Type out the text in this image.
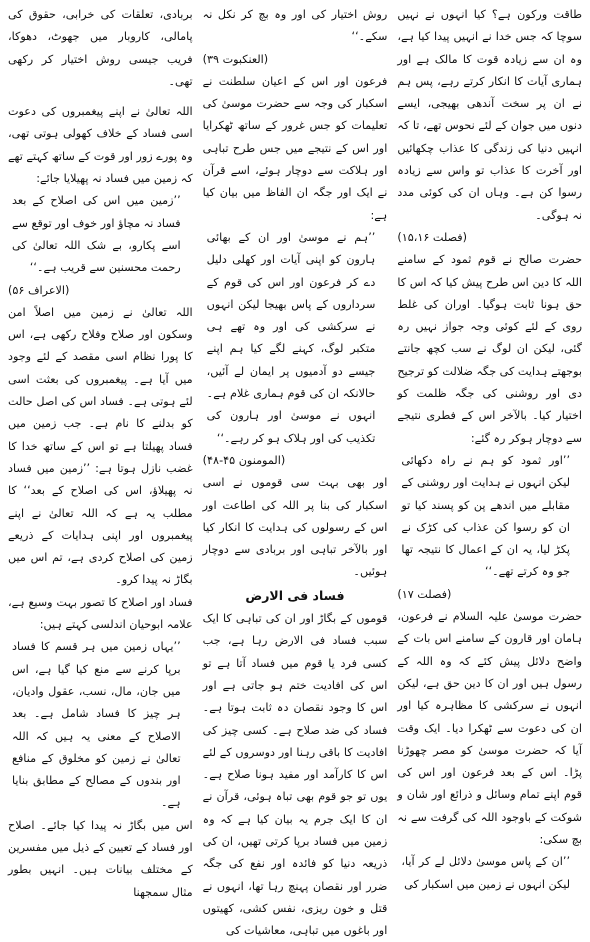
طاقت ورکون ہے؟ کیا انہوں نے نہیں سوچا کہ جس خدا نے انہیں پیدا کیا ہے، وہ ان سے زیادہ قوت کا مالک ہے اور ہماری آیات کا انکار کرتے رہے، پس ہم نے ان پر سخت آندھی بھیجی، ایسے دنوں میں جوان کے لئے نحوس تھے، تا کہ انہیں دنیا کی زندگی کا عذاب چکھائیں اور آخرت کا عذاب تو واس سے زیادہ رسوا کن ہے۔ وہاں ان کی کوئی مدد نہ ہوگی۔

(فصلت ۱۵،۱۶)

حضرت صالح نے قوم ثمود کے سامنے اللہ کا دین اس طرح پیش کیا کہ اس کا حق ہونا ثابت ہوگیا۔ اوران کی غلط روی کے لئے کوئی وجہ جواز نہیں رہ گئی، لیکن ان لوگ نے سب کچھ جانتے بوجھتے ہدایت کی جگہ ضلالت کو ترجیح دی اور روشنی کی جگہ ظلمت کو اختیار کیا۔ بالآخر اس کے فطری نتیجے سے دوچار ہوکر رہ گئے:

’’اور ثمود کو ہم نے راہ دکھائی لیکن انہوں نے ہدایت اور روشنی کے مقابلے میں اندھے پن کو پسند کیا تو ان کو رسوا کن عذاب کی کڑک نے پکڑ لیا، یہ ان کے اعمال کا نتیجہ تھا جو وہ کرتے تھے۔‘‘

(فصلت ۱۷)

حضرت موسیٰ علیہ السلام نے فرعون، ہامان اور قارون کے سامنے اس بات کے واضح دلائل پیش کئے کہ وہ اللہ کے رسول ہیں اور ان کا دین حق ہے، لیکن انہوں نے سرکشی کا مظاہرہ کیا اور ان کی دعوت سے ٹھکرا دیا۔ ایک وقت آیا کہ حضرت موسیٰ کو مصر چھوڑنا پڑا۔ اس کے بعد فرعون اور اس کی قوم اپنے تمام وسائل و ذرائع اور شان و شوکت کے باوجود اللہ کی گرفت سے نہ بچ سکی:

’’ان کے پاس موسیٰ دلائل لے کر آیا، لیکن انہوں نے زمین میں اسکبار کی

روش اختیار کی اور وہ بچ کر نکل نہ سکے۔‘‘

(العنکبوت ۳۹)

فرعون اور اس کے اعیان سلطنت نے اسکبار کی وجہ سے حضرت موسیٰ کی تعلیمات کو جس غرور کے ساتھ ٹھکرایا اور اس کے نتیجے میں جس طرح تباہی اور ہلاکت سے دوچار ہوئے، اسے قرآن نے ایک اور جگہ ان الفاظ میں بیان کیا ہے:

’’ہم نے موسیٰ اور ان کے بھائی ہارون کو اپنی آیات اور کھلی دلیل دے کر فرعون اور اس کی قوم کے سرداروں کے پاس بھیجا لیکن انہوں نے سرکشی کی اور وہ تھے ہی متکبر لوگ، کہنے لگے کیا ہم اپنے جیسے دو آدمیوں پر ایمان لے آئیں، حالانکہ ان کی قوم ہماری غلام ہے۔ انہوں نے موسیٰ اور ہارون کی تکذیب کی اور ہلاک ہو کر رہے۔‘‘

(المومنون ۴۵-۴۸)

اور بھی بہت سی قوموں نے اسی اسکبار کی بنا پر اللہ کی اطاعت اور اس کے رسولوں کی ہدایت کا انکار کیا اور بالآخر تباہی اور بربادی سے دوچار ہوئیں۔

فساد فی الارض

قوموں کے بگاڑ اور ان کی تباہی کا ایک سبب فساد فی الارض رہا ہے، جب کسی فرد یا قوم میں فساد آتا ہے تو اس کی افادیت ختم ہو جاتی ہے اور اس کا وجود نقصان دہ ثابت ہوتا ہے۔ فساد کی ضد صلاح ہے۔ کسی چیز کی افادیت کا باقی رہنا اور دوسروں کے لئے اس کا کارآمد اور مفید ہونا صلاح ہے۔ یوں تو جو قوم بھی تباہ ہوئی، قرآن نے ان کا ایک جرم یہ بیان کیا ہے کہ وہ زمین میں فساد برپا کرتی تھیں، ان کی ذریعہ دنیا کو فائدہ اور نفع کی جگہ ضرر اور نقصان پہنچ رہا تھا، انہوں نے قتل و خون ریزی، نفس کشی، کھیتوں اور باغوں میں تباہی، معاشیات کی

بربادی، تعلقات کی خرابی، حقوق کی پامالی، کاروبار میں جھوٹ، دھوکا، فریب جیسی روش اختیار کر رکھی تھی۔

اللہ تعالیٰ نے اپنے پیغمبروں کی دعوت اسی فساد کے خلاف کھولی ہوتی تھی، وہ پورے زور اور قوت کے ساتھ کہتے تھے کہ زمین میں فساد نہ پھیلایا جائے:

’’زمین میں اس کی اصلاح کے بعد فساد نہ مچاؤ اور خوف اور توقع سے اسے پکارو، بے شک اللہ تعالیٰ کی رحمت محسنین سے قریب ہے۔‘‘

(الاعراف ۵۶)

اللہ تعالیٰ نے زمین میں اصلاً امن وسکون اور صلاح وفلاح رکھی ہے، اس کا پورا نظام اسی مقصد کے لئے وجود میں آیا ہے۔ پیغمبروں کی بعثت اسی لئے ہوتی ہے۔ فساد اس کی اصل حالت کو بدلنے کا نام ہے۔ جب زمین میں فساد پھیلتا ہے تو اس کے ساتھ خدا کا غضب نازل ہوتا ہے: ’’زمین میں فساد نہ پھیلاؤ، اس کی اصلاح کے بعد‘‘ کا مطلب یہ ہے کہ اللہ تعالیٰ نے اپنے پیغمبروں اور اپنی ہدایات کے ذریعے زمین کی اصلاح کردی ہے، تم اس میں بگاڑ نہ پیدا کرو۔

فساد اور اصلاح کا تصور بہت وسیع ہے، علامہ ابوحیان اندلسی کہتے ہیں:

’’یہاں زمین میں ہر قسم کا فساد برپا کرنے سے منع کیا گیا ہے، اس میں جان، مال، نسب، عقول وادیان، ہر چیز کا فساد شامل ہے۔ بعد الاصلاح کے معنی یہ ہیں کہ اللہ تعالیٰ نے زمین کو مخلوق کے منافع اور بندوں کے مصالح کے مطابق بنایا ہے۔

اس میں بگاڑ نہ پیدا کیا جائے۔ اصلاح اور فساد کے تعیین کے ذیل میں مفسرین کے مختلف بیانات ہیں۔ انہیں بطور مثال سمجھنا
